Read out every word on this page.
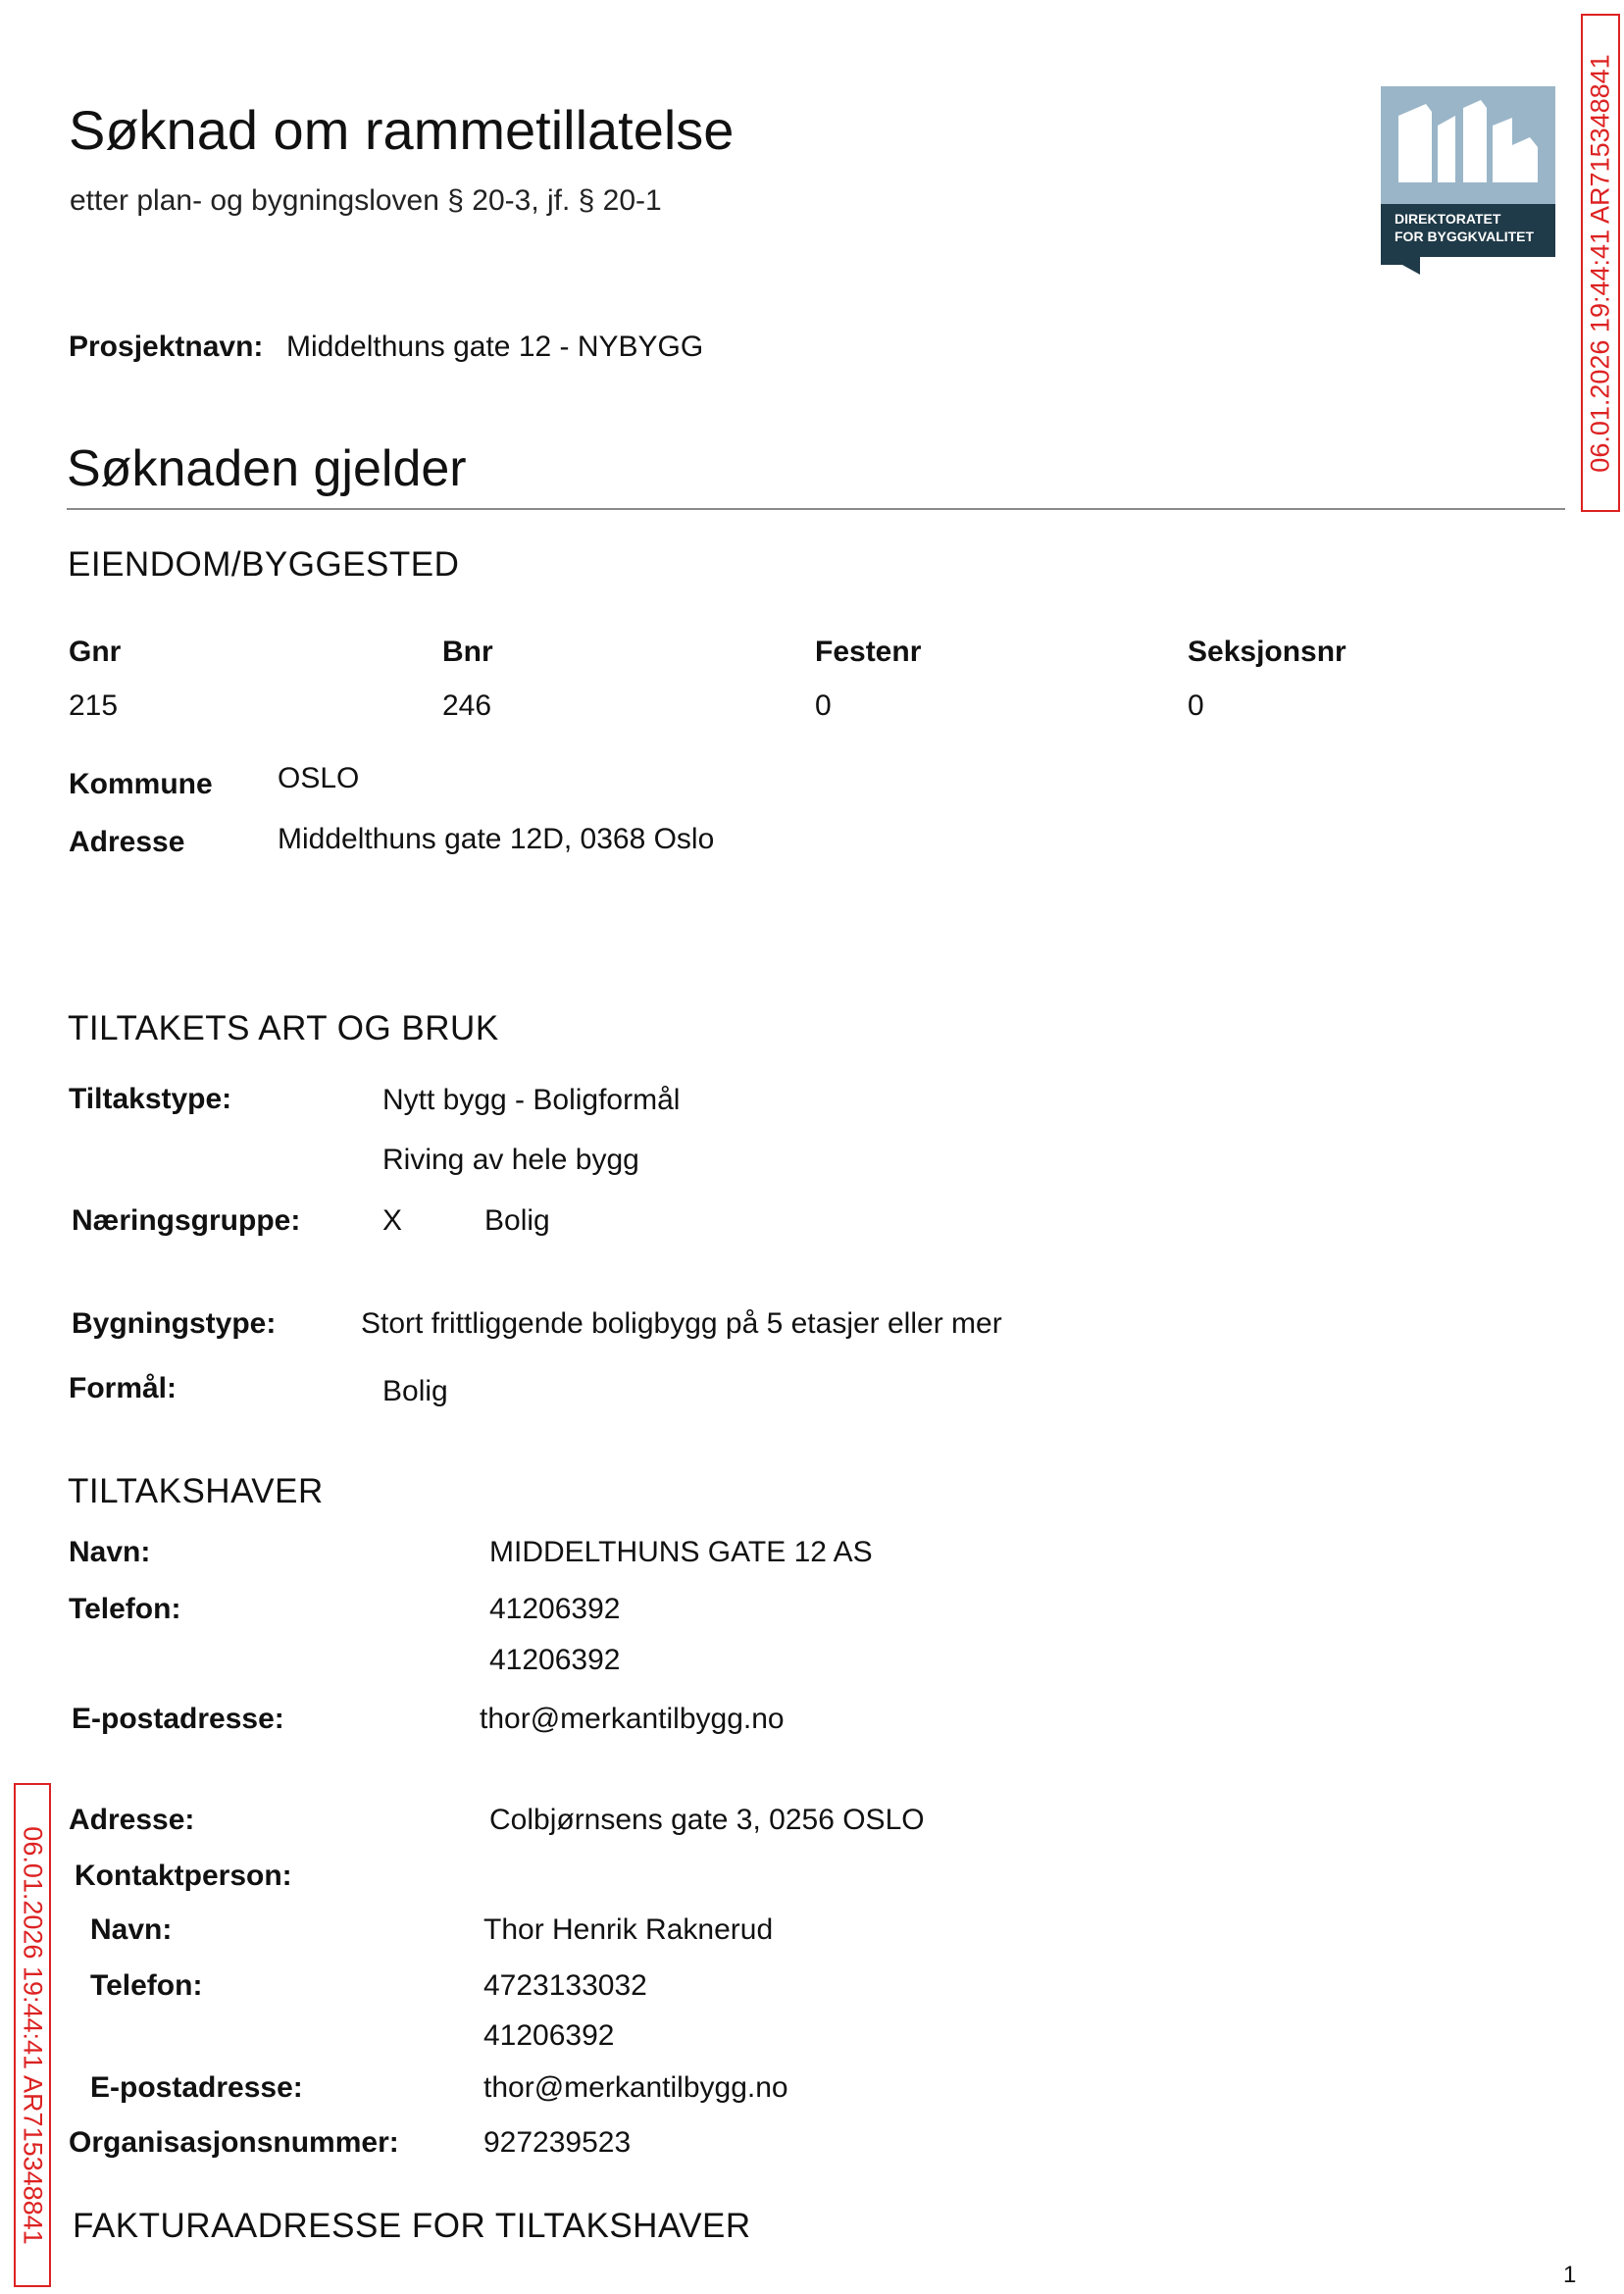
Søknad om rammetillatelse
etter plan- og bygningsloven § 20-3, jf. § 20-1
DIREKTORATET
FOR BYGGKVALITET 06.01.2026 19:44:41 AR715348841
06.01.2026 19:44:41 AR715348841
Prosjektnavn: Middelthuns gate 12 - NYBYGG
Søknaden gjelder
EIENDOM/BYGGESTED
Gnr	Bnr	Festenr	Seksjonsnr
215	246	0	0
Kommune OSLO
Adresse	Middelthuns gate 12D, 0368 Oslo
TILTAKETS ART OG BRUK
Tiltakstype:	Nytt bygg - Boligformål
Riving av hele bygg
Næringsgruppe:	X	Bolig
Bygningstype:	Stort frittliggende boligbygg på 5 etasjer eller mer
Formål:	Bolig
TILTAKSHAVER
Navn:	MIDDELTHUNS GATE 12 AS
Telefon:	41206392
41206392
E-postadresse:	thor@merkantilbygg.no
Adresse:	Colbjørnsens gate 3, 0256 OSLO
Kontaktperson:
Navn:	Thor Henrik Raknerud
Telefon:	4723133032
41206392
E-postadresse:	thor@merkantilbygg.no
Organisasjonsnummer:	927239523
FAKTURAADRESSE FOR TILTAKSHAVER
1
